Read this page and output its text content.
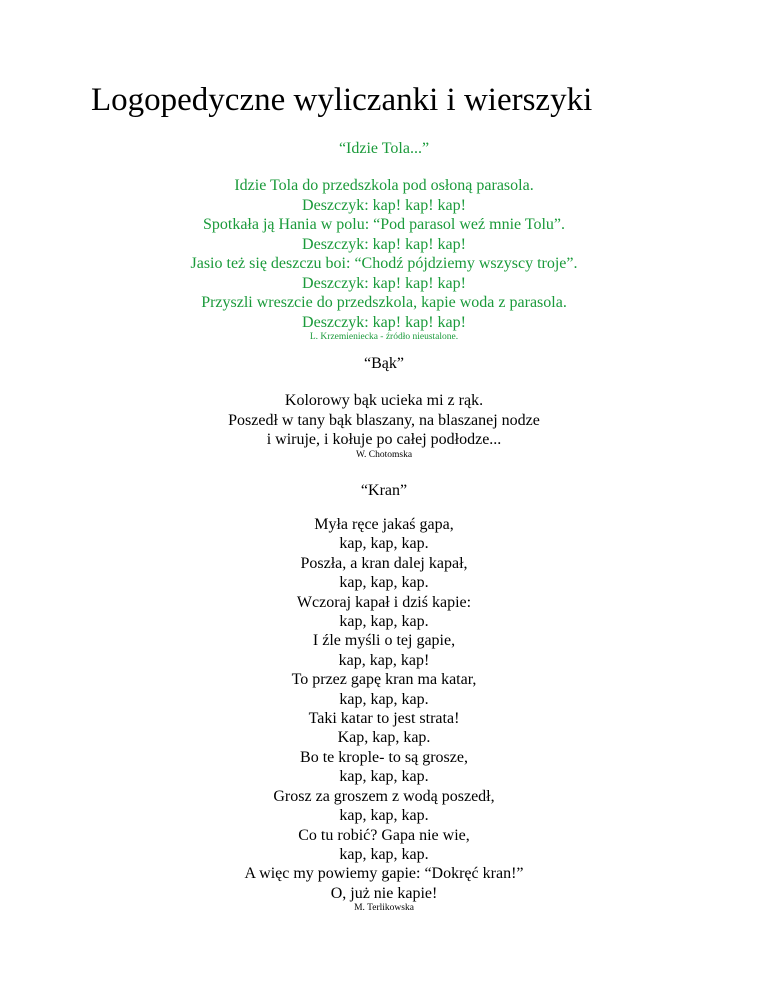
Logopedyczne wyliczanki i wierszyki

“Idzie Tola...”

Idzie Tola do przedszkola pod osłoną parasola.
Deszczyk: kap! kap! kap!
Spotkała ją Hania w polu: “Pod parasol weź mnie Tolu”.
Deszczyk: kap! kap! kap!
Jasio też się deszczu boi: “Chodź pójdziemy wszyscy troje”.
Deszczyk: kap! kap! kap!
Przyszli wreszcie do przedszkola, kapie woda z parasola.
Deszczyk: kap! kap! kap!
L. Krzemieniecka - źródło nieustalone.

“Bąk”

Kolorowy bąk ucieka mi z rąk.
Poszedł w tany bąk blaszany, na blaszanej nodze
i wiruje, i kołuje po całej podłodze...
W. Chotomska

“Kran”

Myła ręce jakaś gapa,
kap, kap, kap.
Poszła, a kran dalej kapał,
kap, kap, kap.
Wczoraj kapał i dziś kapie:
kap, kap, kap.
I źle myśli o tej gapie,
kap, kap, kap!
To przez gapę kran ma katar,
kap, kap, kap.
Taki katar to jest strata!
Kap, kap, kap.
Bo te krople- to są grosze,
kap, kap, kap.
Grosz za groszem z wodą poszedł,
kap, kap, kap.
Co tu robić? Gapa nie wie,
kap, kap, kap.
A więc my powiemy gapie: “Dokręć kran!”
O, już nie kapie!
M. Terlikowska
